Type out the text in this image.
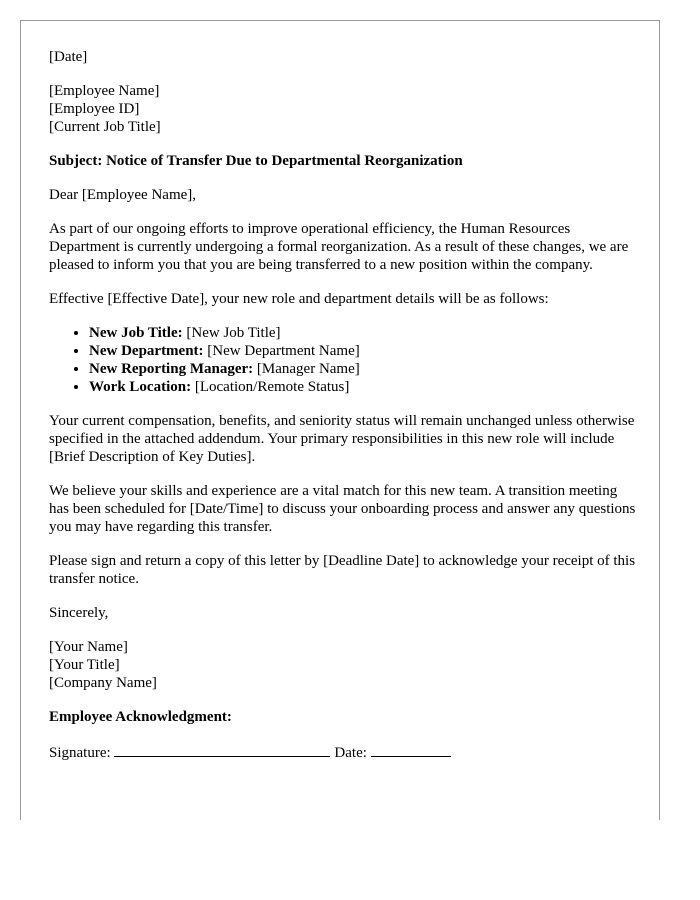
[Date]

[Employee Name]
[Employee ID]
[Current Job Title]

Subject: Notice of Transfer Due to Departmental Reorganization

Dear [Employee Name],

As part of our ongoing efforts to improve operational efficiency, the Human Resources Department is currently undergoing a formal reorganization. As a result of these changes, we are pleased to inform you that you are being transferred to a new position within the company.

Effective [Effective Date], your new role and department details will be as follows:

• New Job Title: [New Job Title]
• New Department: [New Department Name]
• New Reporting Manager: [Manager Name]
• Work Location: [Location/Remote Status]

Your current compensation, benefits, and seniority status will remain unchanged unless otherwise specified in the attached addendum. Your primary responsibilities in this new role will include [Brief Description of Key Duties].

We believe your skills and experience are a vital match for this new team. A transition meeting has been scheduled for [Date/Time] to discuss your onboarding process and answer any questions you may have regarding this transfer.

Please sign and return a copy of this letter by [Deadline Date] to acknowledge your receipt of this transfer notice.

Sincerely,

[Your Name]
[Your Title]
[Company Name]

Employee Acknowledgment:

Signature:	Date:
